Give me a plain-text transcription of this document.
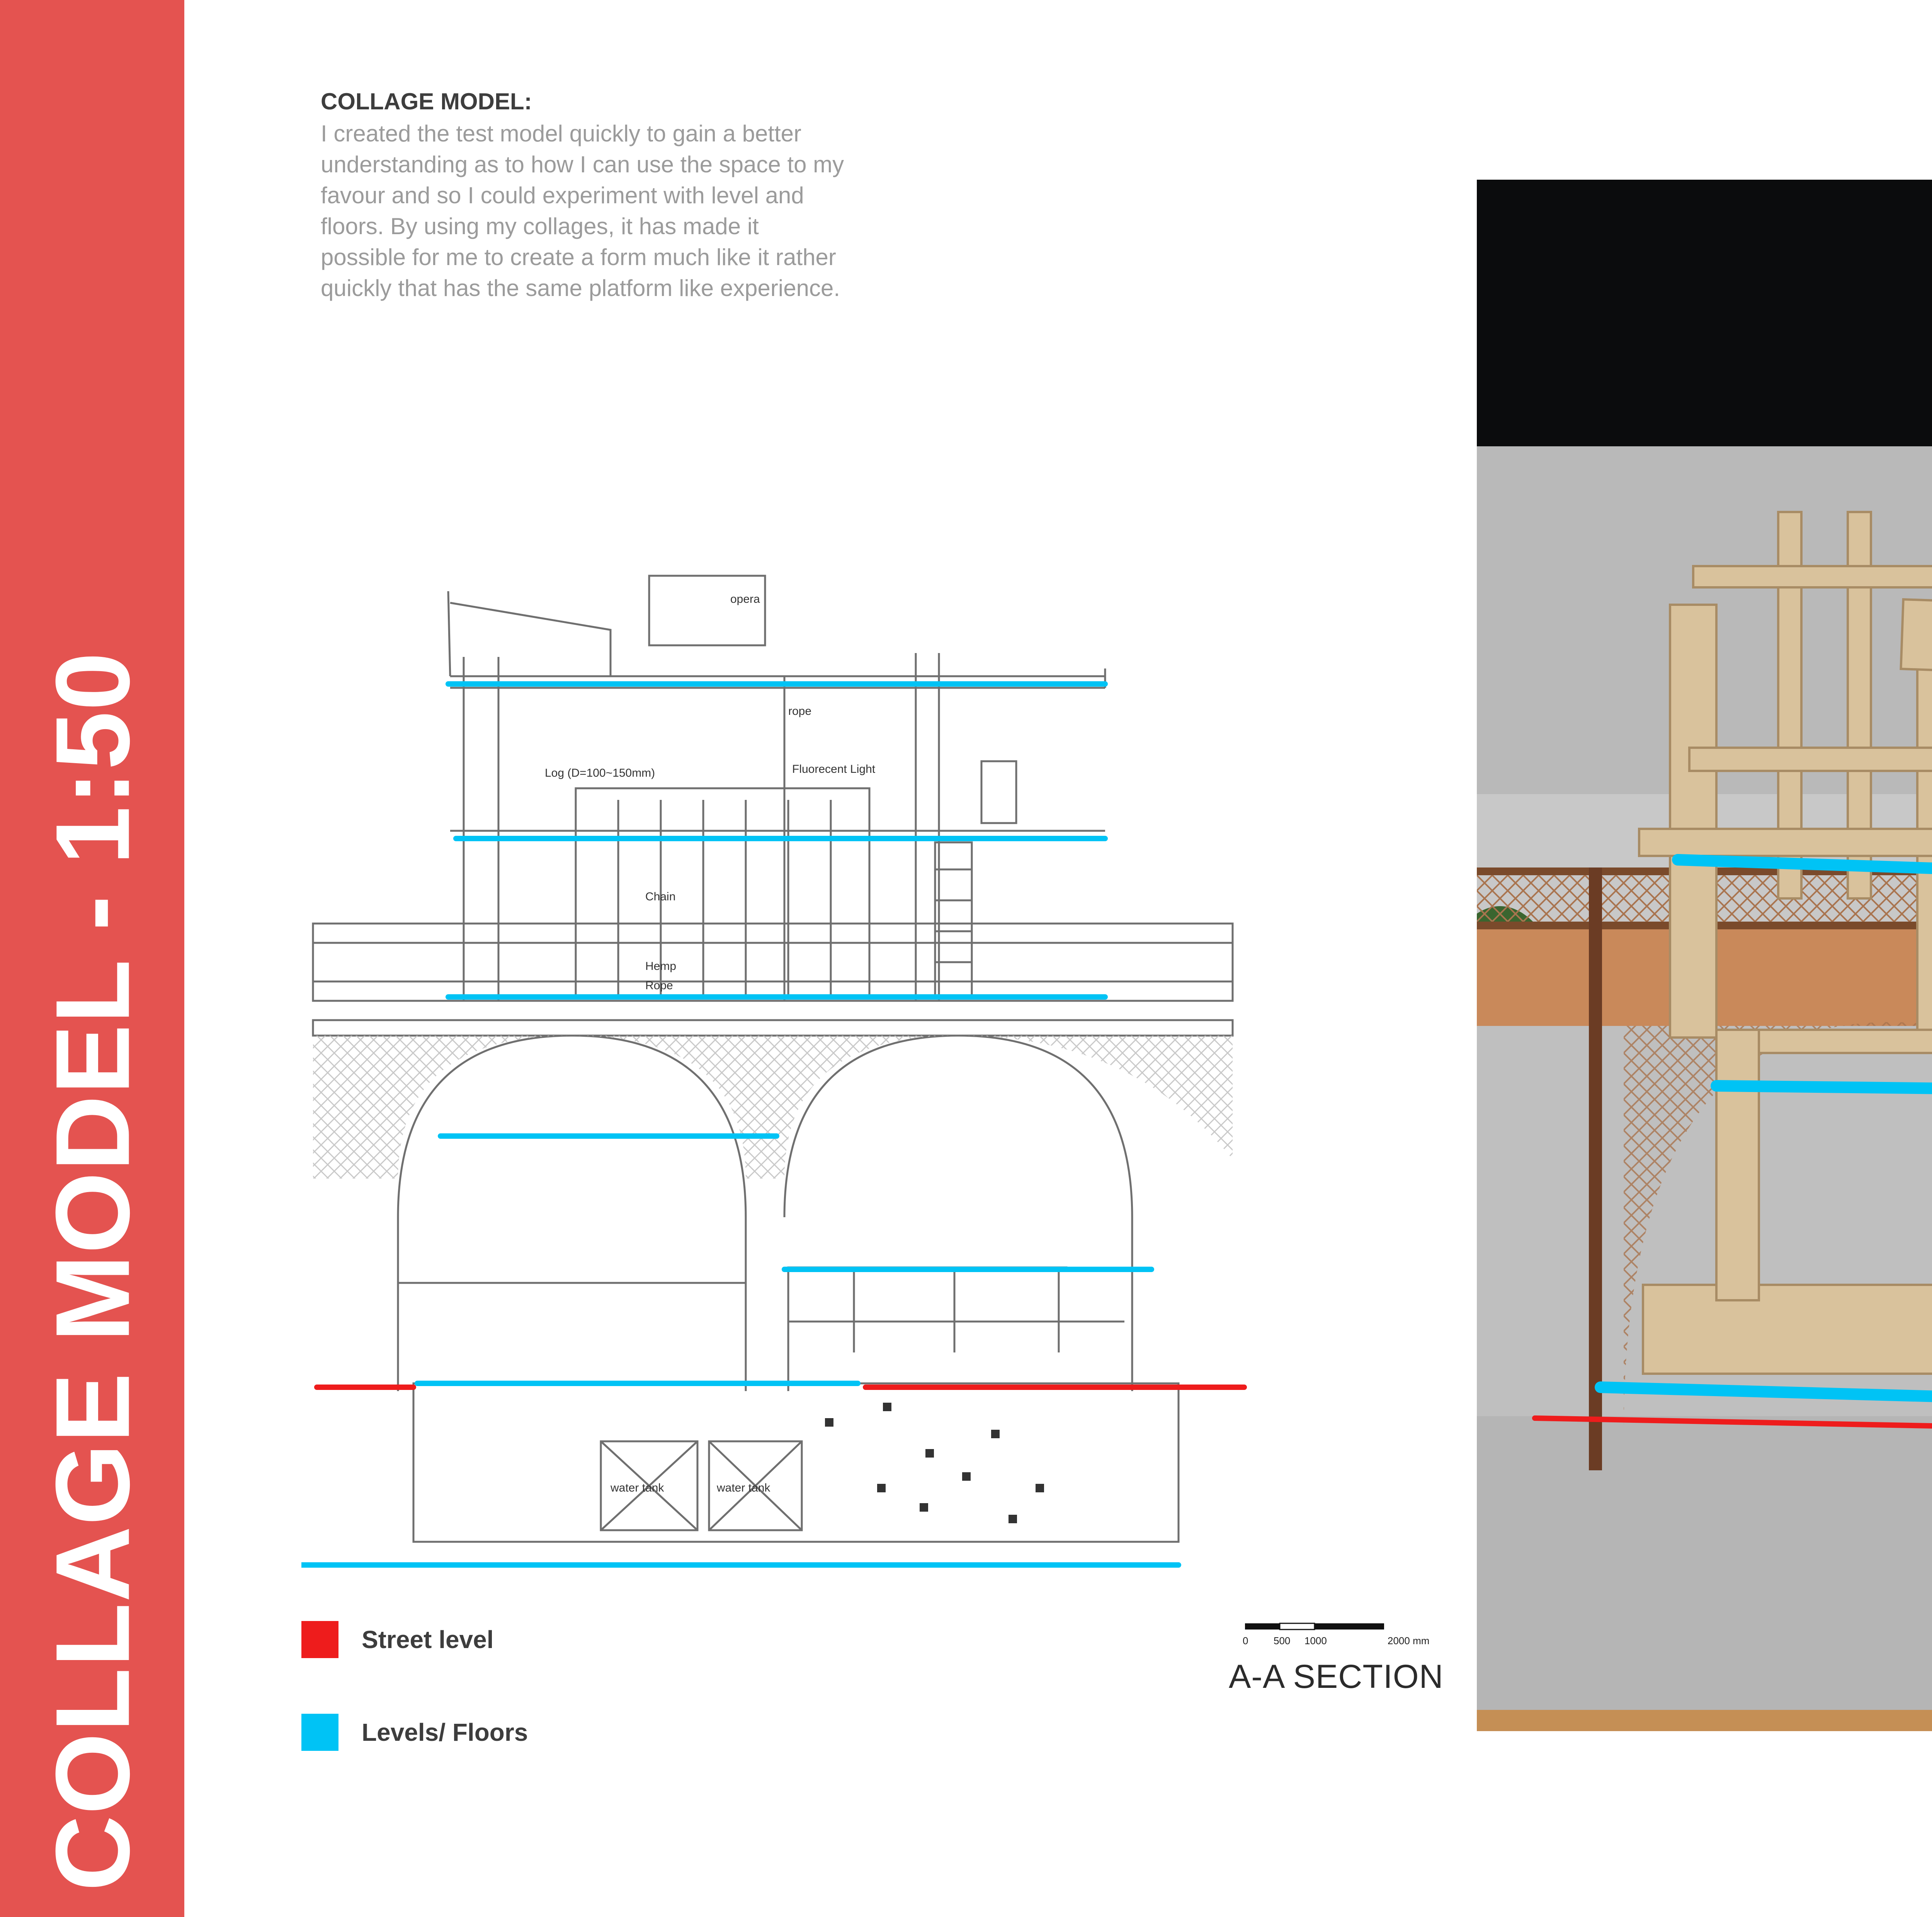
COLLAGE MODEL - 1:50
COLLAGE MODEL:
I created the test model quickly to gain a better
understanding as to how I can use the space to my
favour and so I could experiment with level and
floors. By using my collages, it has made it
possible for me to create a form much like it rather
quickly that has the same platform like experience.
opera
rope
Log (D=100~150mm)	Fluorecent Light
Chain
Hemp
Rope
water tank	water tank
Street level
Levels/ Floors
0	500 1000	2000 mm
A-A SECTION
